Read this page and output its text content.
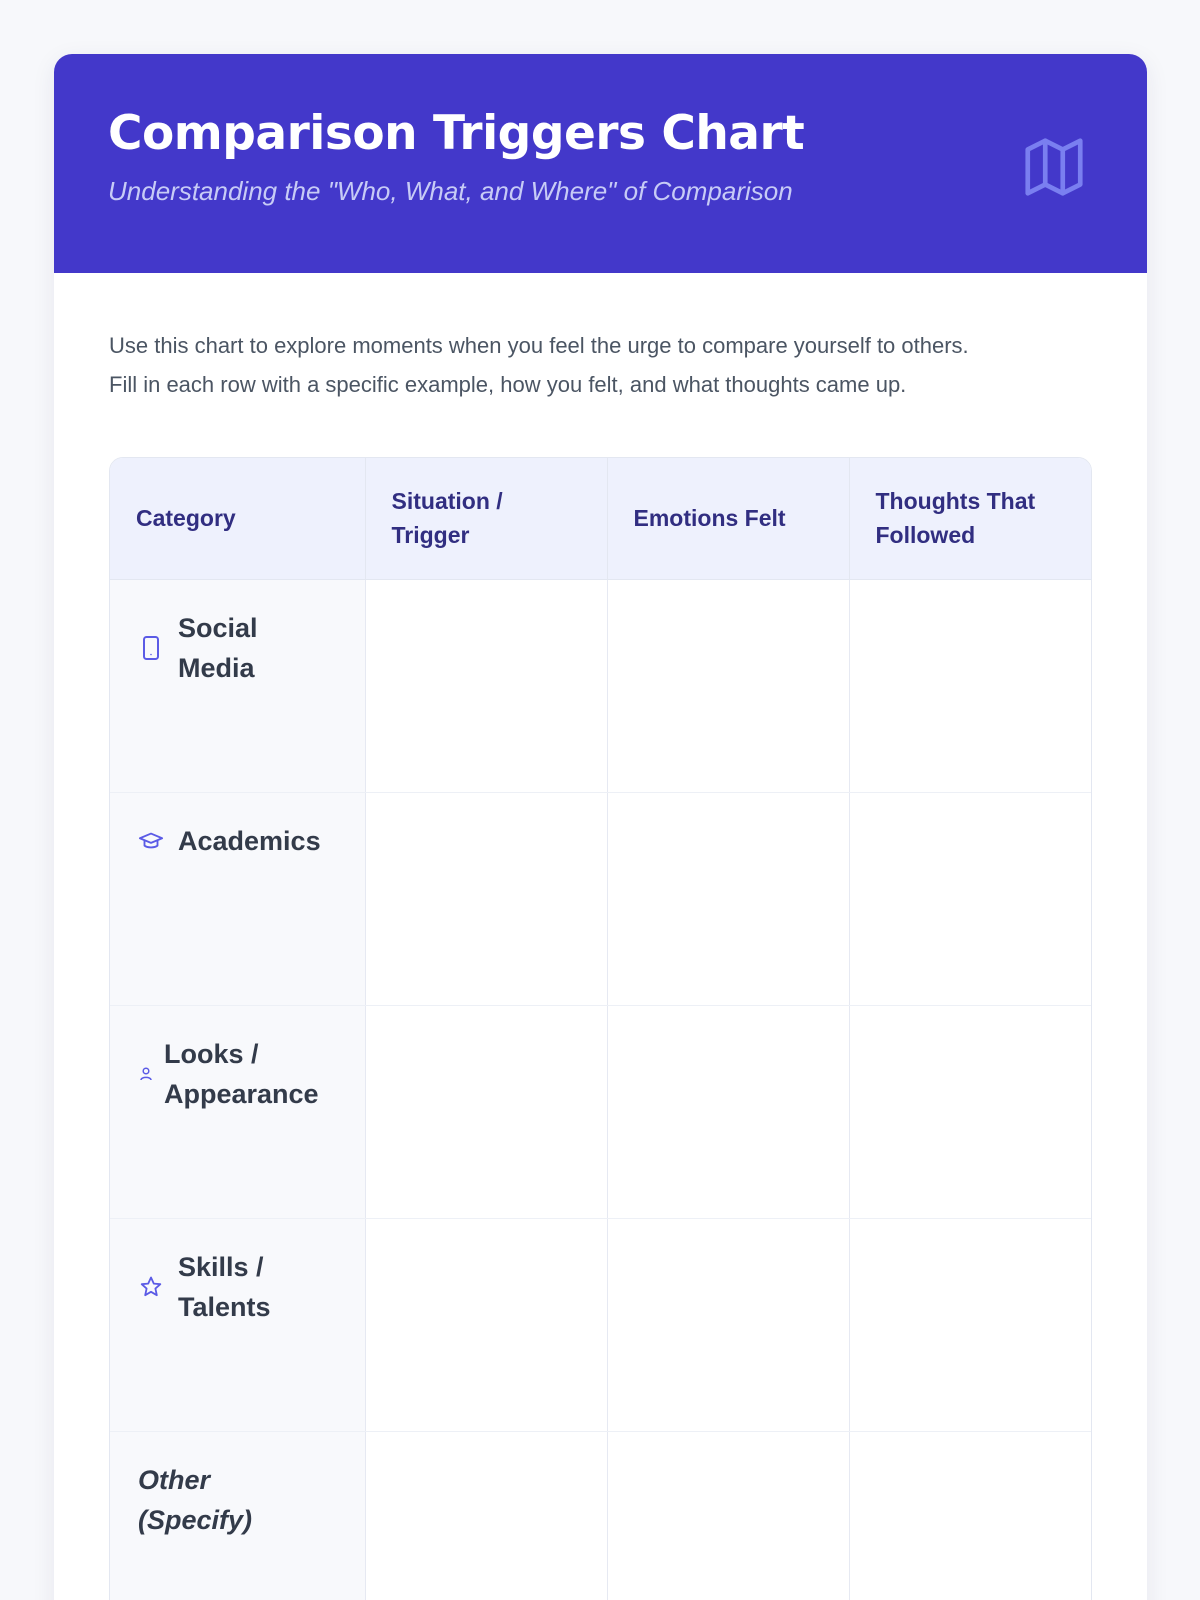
Comparison Triggers Chart
Understanding the "Who, What, and Where" of Comparison
Use this chart to explore moments when you feel the urge to compare yourself to others.
Fill in each row with a specific example, how you felt, and what thoughts came up.
Category	Situation / Trigger	Emotions Felt	Thoughts That Followed

Social Media			

Academics			

Looks / Appearance			

Skills / Talents			

Other (Specify)			
